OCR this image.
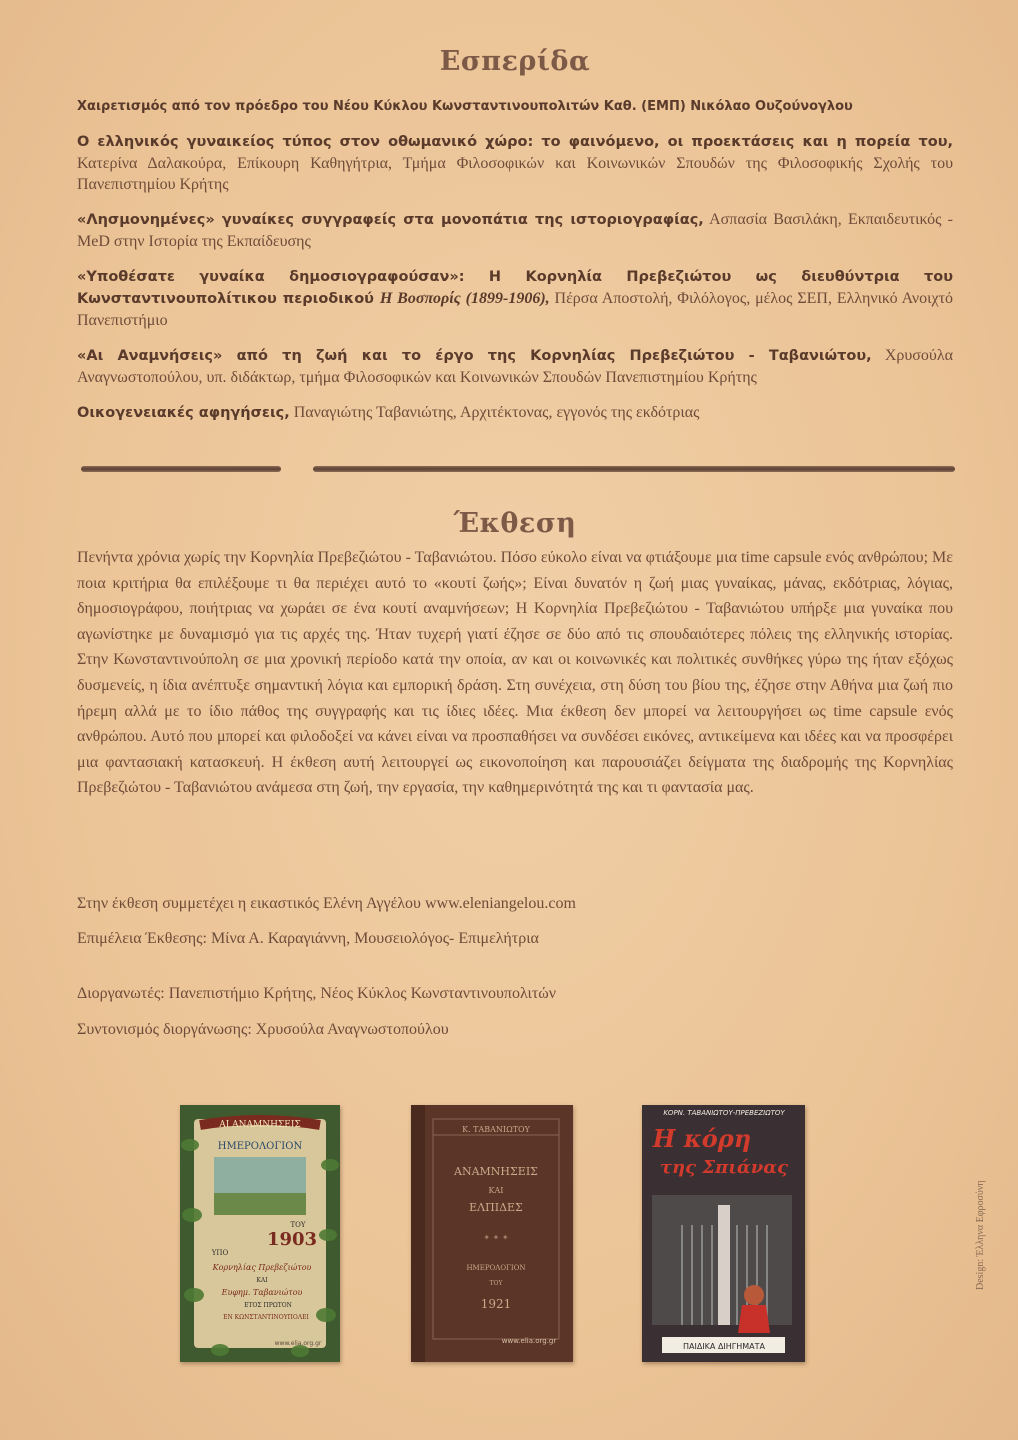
Εσπερίδα

Χαιρετισμός από τον πρόεδρο του Νέου Κύκλου Κωνσταντινουπολιτών Καθ. (ΕΜΠ) Νικόλαο Ουζούνογλου

Ο ελληνικός γυναικείος τύπος στον οθωμανικό χώρο: το φαινόμενο, οι προεκτάσεις και η πορεία του, Κατερίνα Δαλακούρα, Επίκουρη Καθηγήτρια, Τμήμα Φιλοσοφικών και Κοινωνικών Σπουδών της Φιλοσοφικής Σχολής του Πανεπιστημίου Κρήτης

«Λησμονημένες» γυναίκες συγγραφείς στα μονοπάτια της ιστοριογραφίας, Ασπασία Βασιλάκη, Εκπαιδευτικός - MeD στην Ιστορία της Εκπαίδευσης

«Υποθέσατε γυναίκα δημοσιογραφούσαν»: Η Κορνηλία Πρεβεζιώτου ως διευθύντρια του Κωνσταντινουπολίτικου περιοδικού Η Βοσπορίς (1899-1906), Πέρσα Αποστολή, Φιλόλογος, μέλος ΣΕΠ, Ελληνικό Ανοιχτό Πανεπιστήμιο

«Αι Αναμνήσεις» από τη ζωή και το έργο της Κορνηλίας Πρεβεζιώτου - Ταβανιώτου, Χρυσούλα Αναγνωστοπούλου, υπ. διδάκτωρ, τμήμα Φιλοσοφικών και Κοινωνικών Σπουδών Πανεπιστημίου Κρήτης

Οικογενειακές αφηγήσεις, Παναγιώτης Ταβανιώτης, Αρχιτέκτονας, εγγονός της εκδότριας

Έκθεση

Πενήντα χρόνια χωρίς την Κορνηλία Πρεβεζιώτου - Ταβανιώτου. Πόσο εύκολο είναι να φτιάξουμε μια time capsule ενός ανθρώπου; Με ποια κριτήρια θα επιλέξουμε τι θα περιέχει αυτό το «κουτί ζωής»; Είναι δυνατόν η ζωή μιας γυναίκας, μάνας, εκδότριας, λόγιας, δημοσιογράφου, ποιήτριας να χωράει σε ένα κουτί αναμνήσεων; Η Κορνηλία Πρεβεζιώτου - Ταβανιώτου υπήρξε μια γυναίκα που αγωνίστηκε με δυναμισμό για τις αρχές της. Ήταν τυχερή γιατί έζησε σε δύο από τις σπουδαιότερες πόλεις της ελληνικής ιστορίας. Στην Κωνσταντινούπολη σε μια χρονική περίοδο κατά την οποία, αν και οι κοινωνικές και πολιτικές συνθήκες γύρω της ήταν εξόχως δυσμενείς, η ίδια ανέπτυξε σημαντική λόγια και εμπορική δράση. Στη συνέχεια, στη δύση του βίου της, έζησε στην Αθήνα μια ζωή πιο ήρεμη αλλά με το ίδιο πάθος της συγγραφής και τις ίδιες ιδέες. Μια έκθεση δεν μπορεί να λειτουργήσει ως time capsule ενός ανθρώπου. Αυτό που μπορεί και φιλοδοξεί να κάνει είναι να προσπαθήσει να συνδέσει εικόνες, αντικείμενα και ιδέες και να προσφέρει μια φαντασιακή κατασκευή. Η έκθεση αυτή λειτουργεί ως εικονοποίηση και παρουσιάζει δείγματα της διαδρομής της Κορνηλίας Πρεβεζιώτου - Ταβανιώτου ανάμεσα στη ζωή, την εργασία, την καθημερινότητά της και τι φαντασία μας.

Στην έκθεση συμμετέχει η εικαστικός Ελένη Αγγέλου www.eleniangelou.com

Επιμέλεια Έκθεσης: Μίνα Α. Καραγιάννη, Μουσειολόγος- Επιμελήτρια

Διοργανωτές: Πανεπιστήμιο Κρήτης, Νέος Κύκλος Κωνσταντινουπολιτών

Συντονισμός διοργάνωσης: Χρυσούλα Αναγνωστοπούλου

ΑΙ ΑΝΑΜΝΗΣΕΙΣ
ΗΜΕΡΟΛΟΓΙΟΝ
ΤΟΥ
1903
ΥΠΟ
Κορνηλίας Πρεβεζιώτου
ΚΑΙ
Ευφημ. Ταβανιώτου
ΕΤΟΣ ΠΡΩΤΟΝ
ΕΝ ΚΩΝΣΤΑΝΤΙΝΟΥΠΟΛΕΙ
www.elia.org.gr
Κ. ΤΑΒΑΝΙΩΤΟΥ
ΑΝΑΜΝΗΣΕΙΣ
ΚΑΙ
ΕΛΠΙΔΕΣ
✦ ✦ ✦
ΗΜΕΡΟΛΟΓΙΟΝ
ΤΟΥ
1921
www.elia.org.gr
ΚΟΡΝ. ΤΑΒΑΝΙΩΤΟΥ-ΠΡΕΒΕΖΙΩΤΟΥ
Η κόρη
της Σπιάνας
ΠΑΙΔΙΚΑ ΔΙΗΓΗΜΑΤΑ
Design: Έλληνα Εφροσύνη
